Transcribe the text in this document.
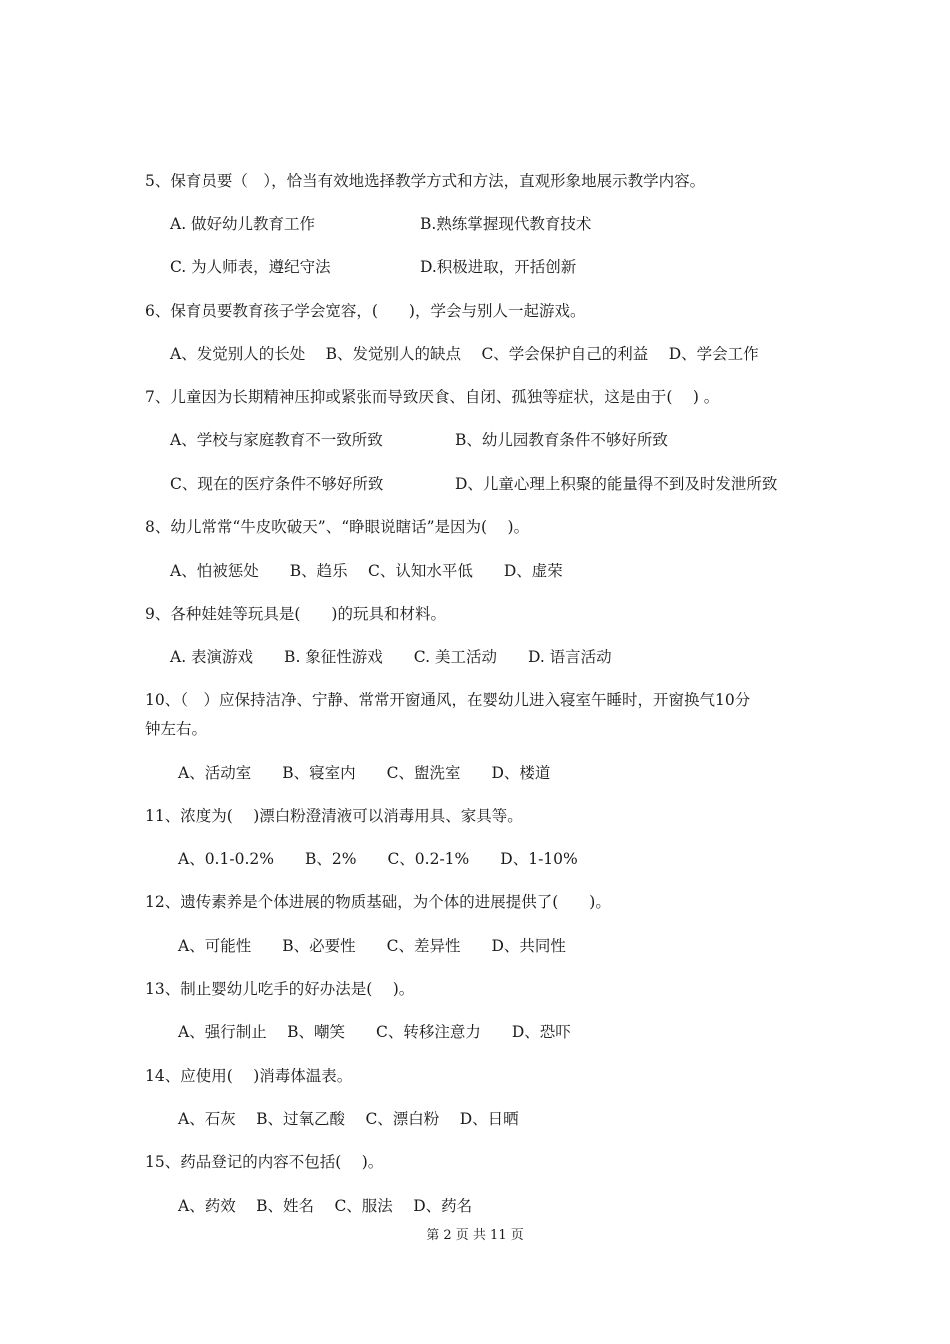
5、保育员要（　），恰当有效地选择教学方式和方法，直观形象地展示教学内容。
A. 做好幼儿教育工作	B.熟练掌握现代教育技术
C. 为人师表，遵纪守法	D.积极进取，开括创新
6、保育员要教育孩子学会宽容，(　　)，学会与别人一起游戏。
A、发觉别人的长处　 B、发觉别人的缺点　 C、学会保护自己的利益　 D、学会工作
7、儿童因为长期精神压抑或紧张而导致厌食、自闭、孤独等症状，这是由于(　 ) 。
A、学校与家庭教育不一致所致	B、幼儿园教育条件不够好所致
C、现在的医疗条件不够好所致	D、儿童心理上积聚的能量得不到及时发泄所致
8、幼儿常常“牛皮吹破天”、“睁眼说瞎话”是因为(　 )。
A、怕被惩处　　B、趋乐　 C、认知水平低　　D、虚荣
9、各种娃娃等玩具是(　　)的玩具和材料。
A. 表演游戏　　B. 象征性游戏　　C. 美工活动　　D. 语言活动
10、（　）应保持洁净、宁静、常常开窗通风，在婴幼儿进入寝室午睡时，开窗换气10分
钟左右。
A、活动室　　B、寝室内　　C、盥洗室　　D、楼道
11、浓度为(　 )漂白粉澄清液可以消毒用具、家具等。
A、0.1-0.2%　　B、2%　　C、0.2-1%　　D、1-10%
12、遗传素养是个体进展的物质基础，为个体的进展提供了(　　)。
A、可能性　　B、必要性　　C、差异性　　D、共同性
13、制止婴幼儿吃手的好办法是(　 )。
A、强行制止　 B、嘲笑　　C、转移注意力　　D、恐吓
14、应使用(　 )消毒体温表。
A、石灰　 B、过氧乙酸　 C、漂白粉　 D、日晒
15、药品登记的内容不包括(　 )。
A、药效　 B、姓名　 C、服法　 D、药名
第 2 页 共 11 页
